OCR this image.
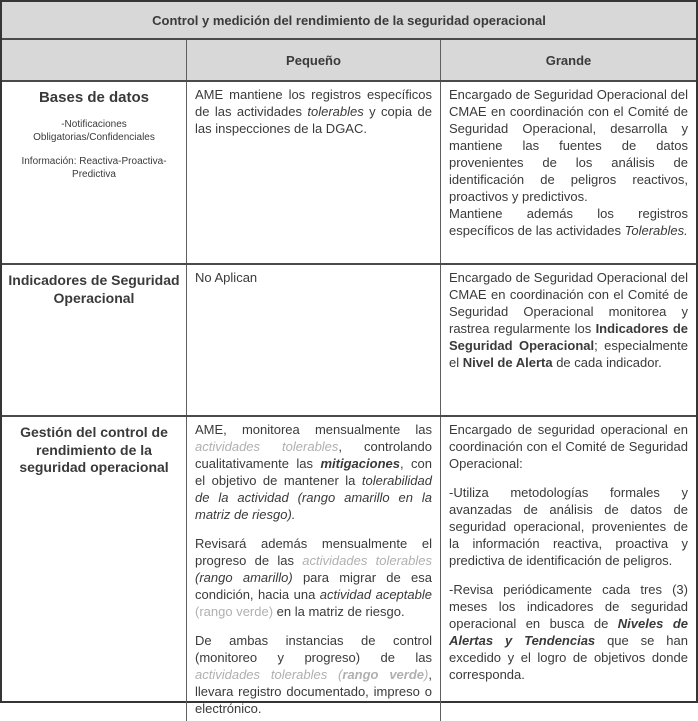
Control y medición del rendimiento de la seguridad operacional
Pequeño	Grande
Bases de datos
-Notificaciones Obligatorias/Confidenciales
Información: Reactiva-Proactiva-Predictiva

AME mantiene los registros específicos de las actividades tolerables y copia de las inspecciones de la DGAC.

Encargado de Seguridad Operacional del CMAE en coordinación con el Comité de Seguridad Operacional, desarrolla y mantiene las fuentes de datos provenientes de los análisis de identificación de peligros reactivos, proactivos y predictivos.

Mantiene además los registros específicos de las actividades Tolerables.

Indicadores de Seguridad Operacional

No Aplican	Encargado de Seguridad Operacional del CMAE en coordinación con el Comité de Seguridad Operacional monitorea y rastrea regularmente los Indicadores de Seguridad Operacional; especialmente el Nivel de Alerta de cada indicador.

Gestión del control de rendimiento de la seguridad operacional

AME, monitorea mensualmente las actividades tolerables, controlando cualitativamente las mitigaciones, con el objetivo de mantener la tolerabilidad de la actividad (rango amarillo en la matriz de riesgo).

Revisará además mensualmente el progreso de las actividades tolerables (rango amarillo) para migrar de esa condición, hacia una actividad aceptable (rango verde) en la matriz de riesgo.

De ambas instancias de control (monitoreo y progreso) de las actividades tolerables (rango verde), llevara registro documentado, impreso o electrónico.

Encargado de seguridad operacional en coordinación con el Comité de Seguridad Operacional:

-Utiliza metodologías formales y avanzadas de análisis de datos de seguridad operacional, provenientes de la información reactiva, proactiva y predictiva de identificación de peligros.

-Revisa periódicamente cada tres (3) meses los indicadores de seguridad operacional en busca de Niveles de Alertas y Tendencias que se han excedido y el logro de objetivos donde corresponda.
